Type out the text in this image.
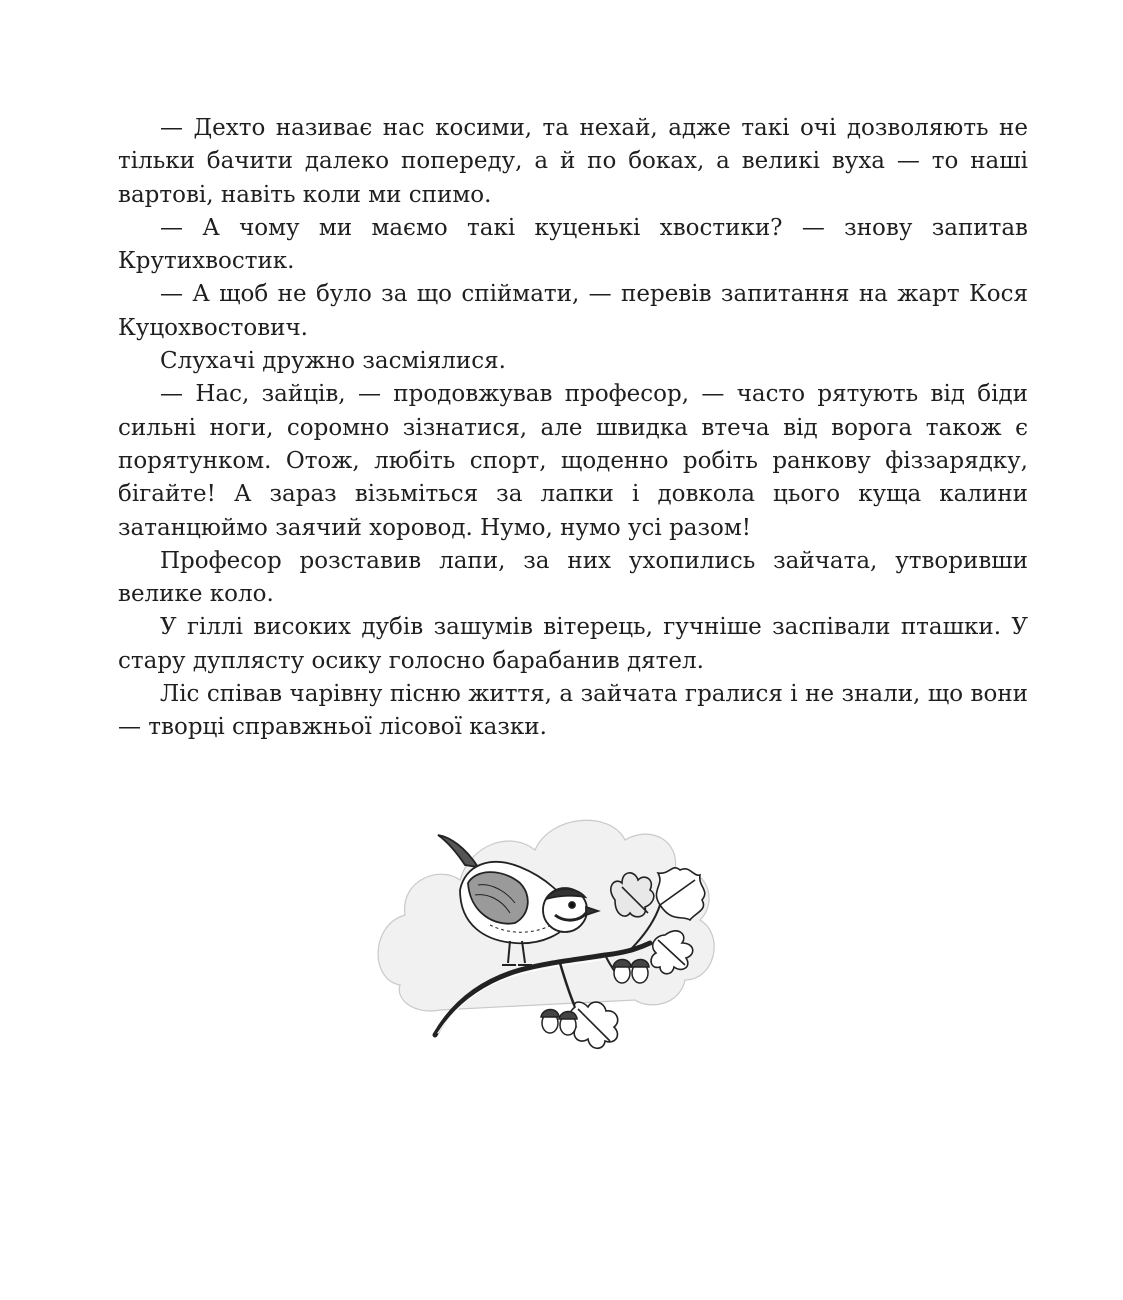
— Дехто називає нас косими, та нехай, адже такі очі дозволяють не тільки бачити далеко попереду, а й по боках, а великі вуха — то наші вартові, навіть коли ми спимо.

— А чому ми маємо такі куценькі хвостики? — знову запитав Крутихвостик.

— А щоб не було за що спіймати, — перевів запитання на жарт Кося Куцохвостович.

Слухачі дружно засміялися.

— Нас, зайців, — продовжував професор, — часто рятують від біди сильні ноги, соромно зізнатися, але швидка втеча від ворога також є порятунком. Отож, любіть спорт, щоденно робіть ранкову фіззарядку, бігайте! А зараз візьміться за лапки і довкола цього куща калини затанцюймо заячий хоровод. Нумо, нумо усі разом!

Професор розставив лапи, за них ухопились зайчата, утворивши велике коло.

У гіллі високих дубів зашумів вітерець, гучніше заспівали пташки. У стару дуплясту осику голосно барабанив дятел.

Ліс співав чарівну пісню життя, а зайчата гралися і не знали, що вони — творці справжньої лісової казки.
